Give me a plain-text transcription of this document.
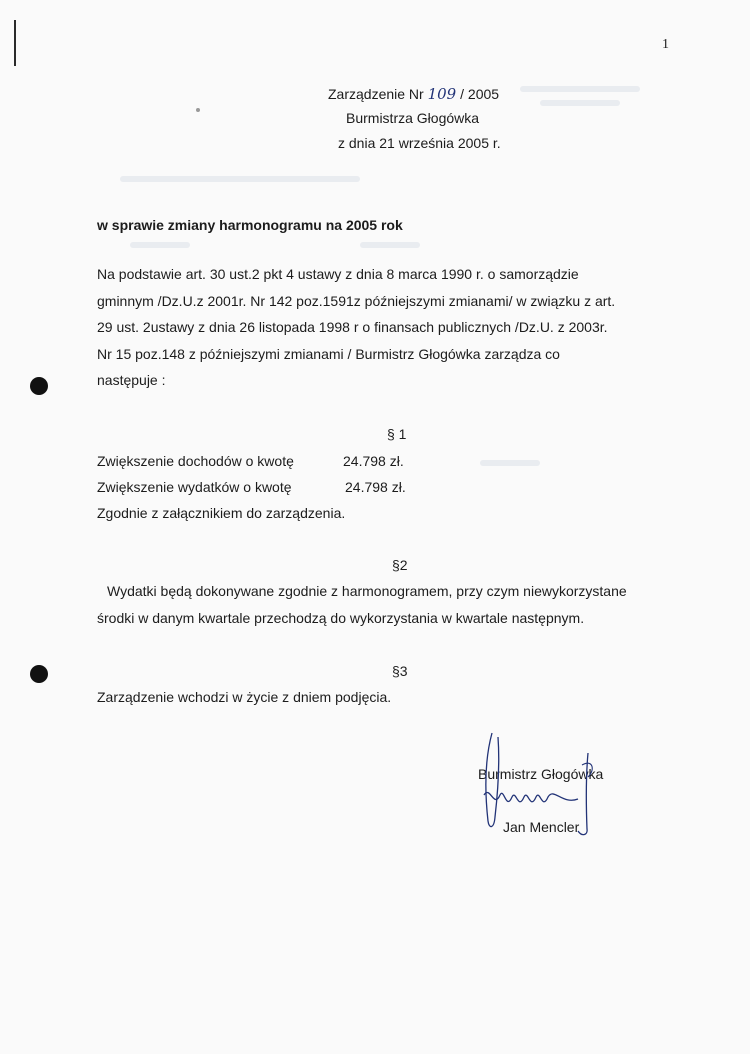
1
Zarządzenie Nr 109 / 2005
Burmistrza Głogówka
z dnia 21 września 2005 r.
w sprawie zmiany harmonogramu na 2005 rok
Na podstawie art. 30 ust.2 pkt 4 ustawy z dnia 8 marca 1990 r. o samorządzie
gminnym /Dz.U.z 2001r. Nr 142 poz.1591z późniejszymi zmianami/ w związku z art.
29 ust. 2ustawy z dnia 26 listopada 1998 r o finansach publicznych /Dz.U. z 2003r.
Nr 15 poz.148 z późniejszymi zmianami / Burmistrz Głogówka zarządza co
następuje :
§ 1
Zwiększenie dochodów o kwotę	24.798 zł.
Zwiększenie wydatków o kwotę	24.798 zł.
Zgodnie z załącznikiem do zarządzenia.
§2
Wydatki będą dokonywane zgodnie z harmonogramem, przy czym niewykorzystane
środki w danym kwartale przechodzą do wykorzystania w kwartale następnym.
§3
Zarządzenie wchodzi w życie z dniem podjęcia.
Burmistrz Głogówka
Jan Mencler
